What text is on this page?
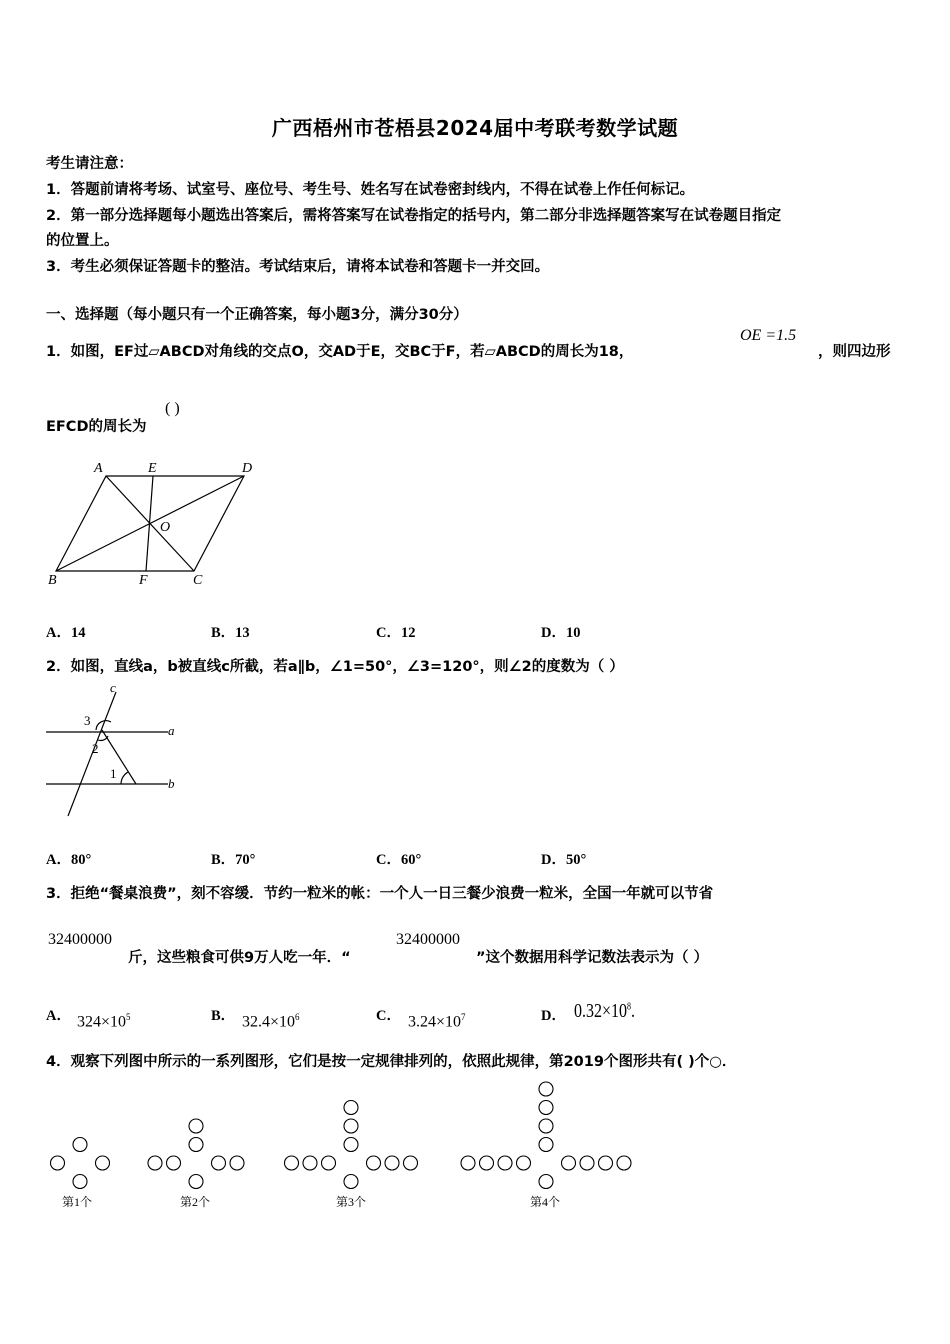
广西梧州市苍梧县2024届中考联考数学试题
考生请注意：
1．答题前请将考场、试室号、座位号、考生号、姓名写在试卷密封线内，不得在试卷上作任何标记。
2．第一部分选择题每小题选出答案后，需将答案写在试卷指定的括号内，第二部分非选择题答案写在试卷题目指定
的位置上。
3．考生必须保证答题卡的整洁。考试结束后，请将本试卷和答题卡一并交回。
一、选择题（每小题只有一个正确答案，每小题3分，满分30分）
1．如图，EF过▱ABCD对角线的交点O，交AD于E，交BC于F，若▱ABCD的周长为18，
OE =1.5
，则四边形
EFCD的周长为
( )
A	E	D
O
B	F	C
A．14	B．13	C．12	D．10
2．如图，直线a，b被直线c所截，若a∥b，∠1=50°，∠3=120°，则∠2的度数为（ ）
c
3
2
a
1
b
A．80°	B．70°	C．60°	D．50°
3．拒绝“餐桌浪费”，刻不容缓．节约一粒米的帐：一个人一日三餐少浪费一粒米，全国一年就可以节省
32400000
斤，这些粮食可供9万人吃一年．“
32400000
”这个数据用科学记数法表示为（ ）
A． $324\times 10^5$	B． $32.4\times 10^6$	C． $3.24\times 10^7$	D． $0.32\times 10^8$.
4．观察下列图中所示的一系列图形，它们是按一定规律排列的，依照此规律，第2019个图形共有( )个○．
第1个	第2个	第3个	第4个
